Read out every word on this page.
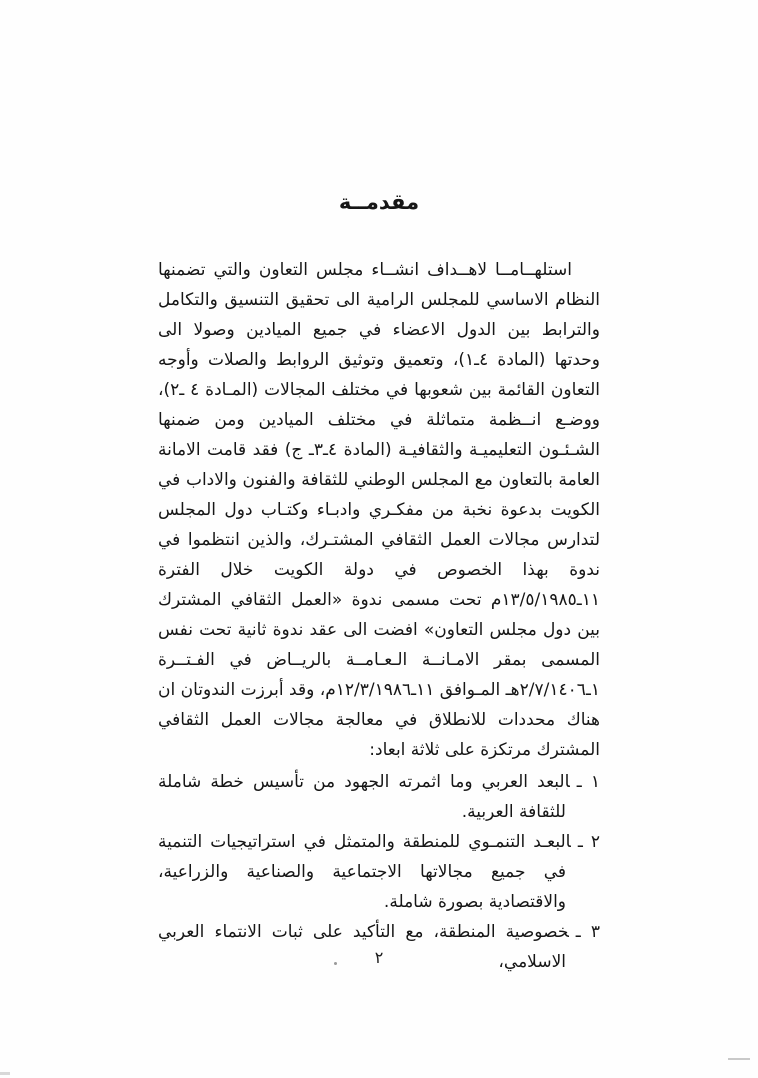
مقدمــة

استلهــامــا لاهــداف انشــاء مجلس التعاون والتي تضمنها النظام الاساسي للمجلس الرامية الى تحقيق التنسيق والتكامل والترابط بين الدول الاعضاء في جميع الميادين وصولا الى وحدتها (المادة ٤ـ١)، وتعميق وتوثيق الروابط والصلات وأوجه التعاون القائمة بين شعوبها في مختلف المجالات (المـادة ٤ ـ٢)، ووضـع انــظمة متماثلة في مختلف الميادين ومن ضمنها الشـئـون التعليميـة والثقافيـة (المادة ٤ـ٣ـ ج) فقد قامت الامانة العامة بالتعاون مع المجلس الوطني للثقافة والفنون والاداب في الكويت بدعوة نخبة من مفكـري وادبـاء وكتـاب دول المجلس لتدارس مجالات العمل الثقافي المشتـرك، والذين انتظموا في ندوة بهذا الخصوص في دولة الكويت خلال الفترة ١١ـ١٣/٥/١٩٨٥م تحت مسمى ندوة «العمل الثقافي المشترك بين دول مجلس التعاون» افضت الى عقد ندوة ثانية تحت نفس المسمى بمقر الامـانــة الـعـامــة بالريــاض في الفـتــرة ١ـ٢/٧/١٤٠٦هـ المـوافق ١١ـ١٢/٣/١٩٨٦م، وقد أبرزت الندوتان ان هناك محددات للانطلاق في معالجة مجالات العمل الثقافي المشترك مرتكزة على ثلاثة ابعاد:

١ ـالبعد العربي وما اثمرته الجهود من تأسيس خطة شاملة للثقافة العربية.
٢ ـالبعـد التنمـوي للمنطقة والمتمثل في استراتيجيات التنمية في جميع مجالاتها الاجتماعية والصناعية والزراعية، والاقتصادية بصورة شاملة.
٣ ـخصوصية المنطقة، مع التأكيد على ثبات الانتماء العربي الاسلامي،
٢
